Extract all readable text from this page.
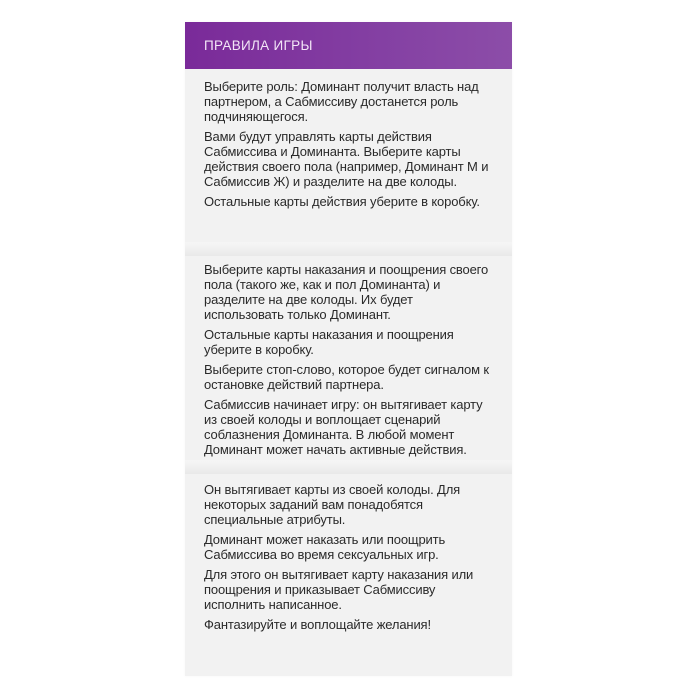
ПРАВИЛА ИГРЫ

Выберите роль: Доминант получит власть над партнером, а Сабмиссиву достанется роль подчиняющегося.

Вами будут управлять карты действия Сабмиссива и Доминанта. Выберите карты действия своего пола (например, Доминант М и Сабмиссив Ж) и разделите на две колоды.

Остальные карты действия уберите в коробку.

Выберите карты наказания и поощрения своего пола (такого же, как и пол Доминанта) и разделите на две колоды. Их будет использовать только Доминант.

Остальные карты наказания и поощрения уберите в коробку.

Выберите стоп-слово, которое будет сигналом к остановке действий партнера.

Сабмиссив начинает игру: он вытягивает карту из своей колоды и воплощает сценарий соблазнения Доминанта. В любой момент Доминант может начать активные действия.

Он вытягивает карты из своей колоды. Для некоторых заданий вам понадобятся специальные атрибуты.

Доминант может наказать или поощрить Сабмиссива во время сексуальных игр.

Для этого он вытягивает карту наказания или поощрения и приказывает Сабмиссиву исполнить написанное.

Фантазируйте и воплощайте желания!
